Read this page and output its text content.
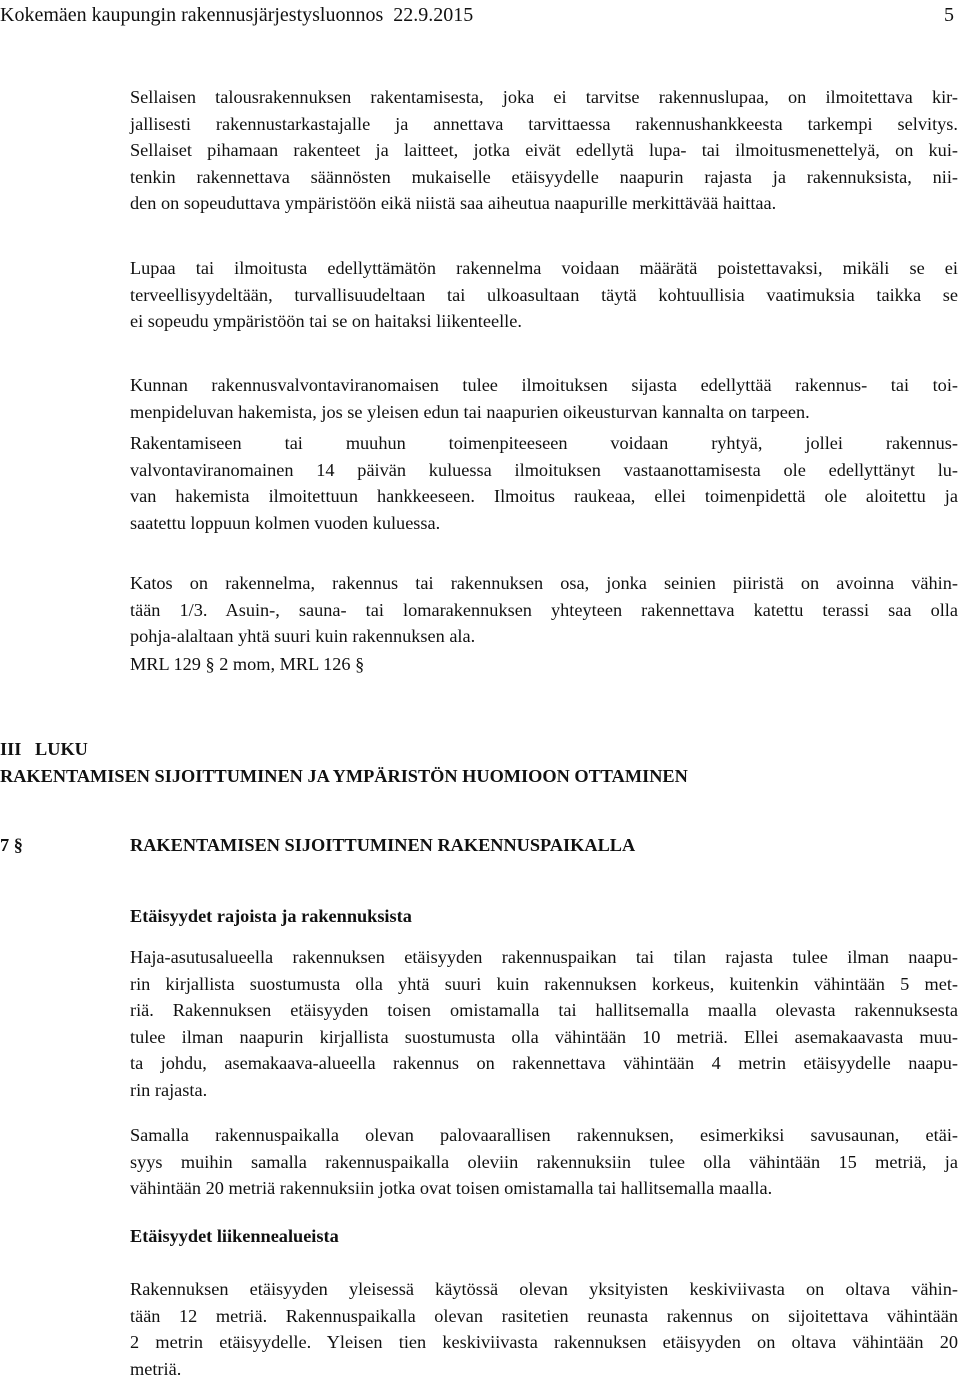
Kokemäen kaupungin rakennusjärjestysluonnos  22.9.2015	5
Sellaisen talousrakennuksen rakentamisesta, joka ei tarvitse rakennuslupaa, on ilmoitettava kir-
jallisesti rakennustarkastajalle ja annettava tarvittaessa rakennushankkeesta tarkempi selvitys.
Sellaiset pihamaan rakenteet ja laitteet, jotka eivät edellytä lupa- tai ilmoitusmenettelyä, on kui-
tenkin rakennettava säännösten mukaiselle etäisyydelle naapurin rajasta ja rakennuksista, nii-
den on sopeuduttava ympäristöön eikä niistä saa aiheutua naapurille merkittävää haittaa.
Lupaa tai ilmoitusta edellyttämätön rakennelma voidaan määrätä poistettavaksi, mikäli se ei
terveellisyydeltään, turvallisuudeltaan tai ulkoasultaan täytä kohtuullisia vaatimuksia taikka se
ei sopeudu ympäristöön tai se on haitaksi liikenteelle.
Kunnan rakennusvalvontaviranomaisen tulee ilmoituksen sijasta edellyttää rakennus- tai toi-
menpideluvan hakemista, jos se yleisen edun tai naapurien oikeusturvan kannalta on tarpeen.
Rakentamiseen tai muuhun toimenpiteeseen voidaan ryhtyä, jollei rakennus-
valvontaviranomainen 14 päivän kuluessa ilmoituksen vastaanottamisesta ole edellyttänyt lu-
van hakemista ilmoitettuun hankkeeseen. Ilmoitus raukeaa, ellei toimenpidettä ole aloitettu ja
saatettu loppuun kolmen vuoden kuluessa.
Katos on rakennelma, rakennus tai rakennuksen osa, jonka seinien piiristä on avoinna vähin-
tään 1/3. Asuin-, sauna- tai lomarakennuksen yhteyteen rakennettava katettu terassi saa olla
pohja-alaltaan yhtä suuri kuin rakennuksen ala.
MRL 129 § 2 mom, MRL 126 §
III   LUKU
RAKENTAMISEN SIJOITTUMINEN JA YMPÄRISTÖN HUOMIOON OTTAMINEN
7 §	RAKENTAMISEN SIJOITTUMINEN RAKENNUSPAIKALLA
Etäisyydet rajoista ja rakennuksista
Haja-asutusalueella rakennuksen etäisyyden rakennuspaikan tai tilan rajasta tulee ilman naapu-
rin kirjallista suostumusta olla yhtä suuri kuin rakennuksen korkeus, kuitenkin vähintään 5 met-
riä. Rakennuksen etäisyyden toisen omistamalla tai hallitsemalla maalla olevasta rakennuksesta
tulee ilman naapurin kirjallista suostumusta olla vähintään 10 metriä. Ellei asemakaavasta muu-
ta johdu, asemakaava-alueella rakennus on rakennettava vähintään 4 metrin etäisyydelle naapu-
rin rajasta.
Samalla rakennuspaikalla olevan palovaarallisen rakennuksen, esimerkiksi savusaunan, etäi-
syys muihin samalla rakennuspaikalla oleviin rakennuksiin tulee olla vähintään 15 metriä, ja
vähintään 20 metriä rakennuksiin jotka ovat toisen omistamalla tai hallitsemalla maalla.
Etäisyydet liikennealueista
Rakennuksen etäisyyden yleisessä käytössä olevan yksityisten keskiviivasta on oltava vähin-
tään 12 metriä. Rakennuspaikalla olevan rasitetien reunasta rakennus on sijoitettava vähintään
2 metrin etäisyydelle. Yleisen tien keskiviivasta rakennuksen etäisyyden on oltava vähintään 20
metriä.
